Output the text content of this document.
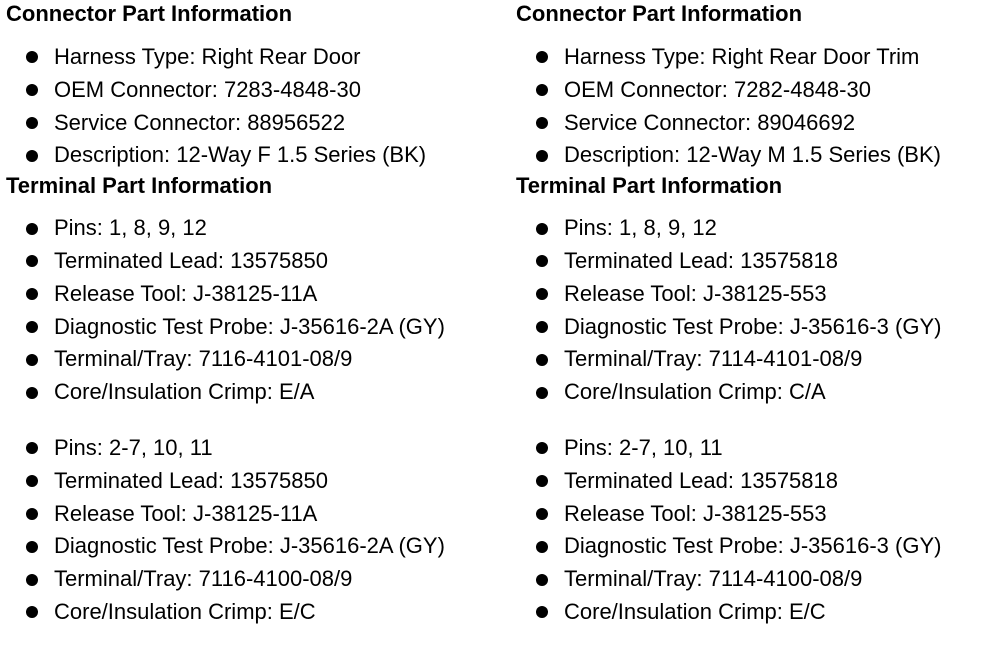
Connector Part Information
Harness Type: Right Rear Door
OEM Connector: 7283-4848-30
Service Connector: 88956522
Description: 12-Way F 1.5 Series (BK)
Terminal Part Information
Pins: 1, 8, 9, 12
Terminated Lead: 13575850
Release Tool: J-38125-11A
Diagnostic Test Probe: J-35616-2A (GY)
Terminal/Tray: 7116-4101-08/9
Core/Insulation Crimp: E/A
Pins: 2-7, 10, 11
Terminated Lead: 13575850
Release Tool: J-38125-11A
Diagnostic Test Probe: J-35616-2A (GY)
Terminal/Tray: 7116-4100-08/9
Core/Insulation Crimp: E/C
Connector Part Information
Harness Type: Right Rear Door Trim
OEM Connector: 7282-4848-30
Service Connector: 89046692
Description: 12-Way M 1.5 Series (BK)
Terminal Part Information
Pins: 1, 8, 9, 12
Terminated Lead: 13575818
Release Tool: J-38125-553
Diagnostic Test Probe: J-35616-3 (GY)
Terminal/Tray: 7114-4101-08/9
Core/Insulation Crimp: C/A
Pins: 2-7, 10, 11
Terminated Lead: 13575818
Release Tool: J-38125-553
Diagnostic Test Probe: J-35616-3 (GY)
Terminal/Tray: 7114-4100-08/9
Core/Insulation Crimp: E/C
